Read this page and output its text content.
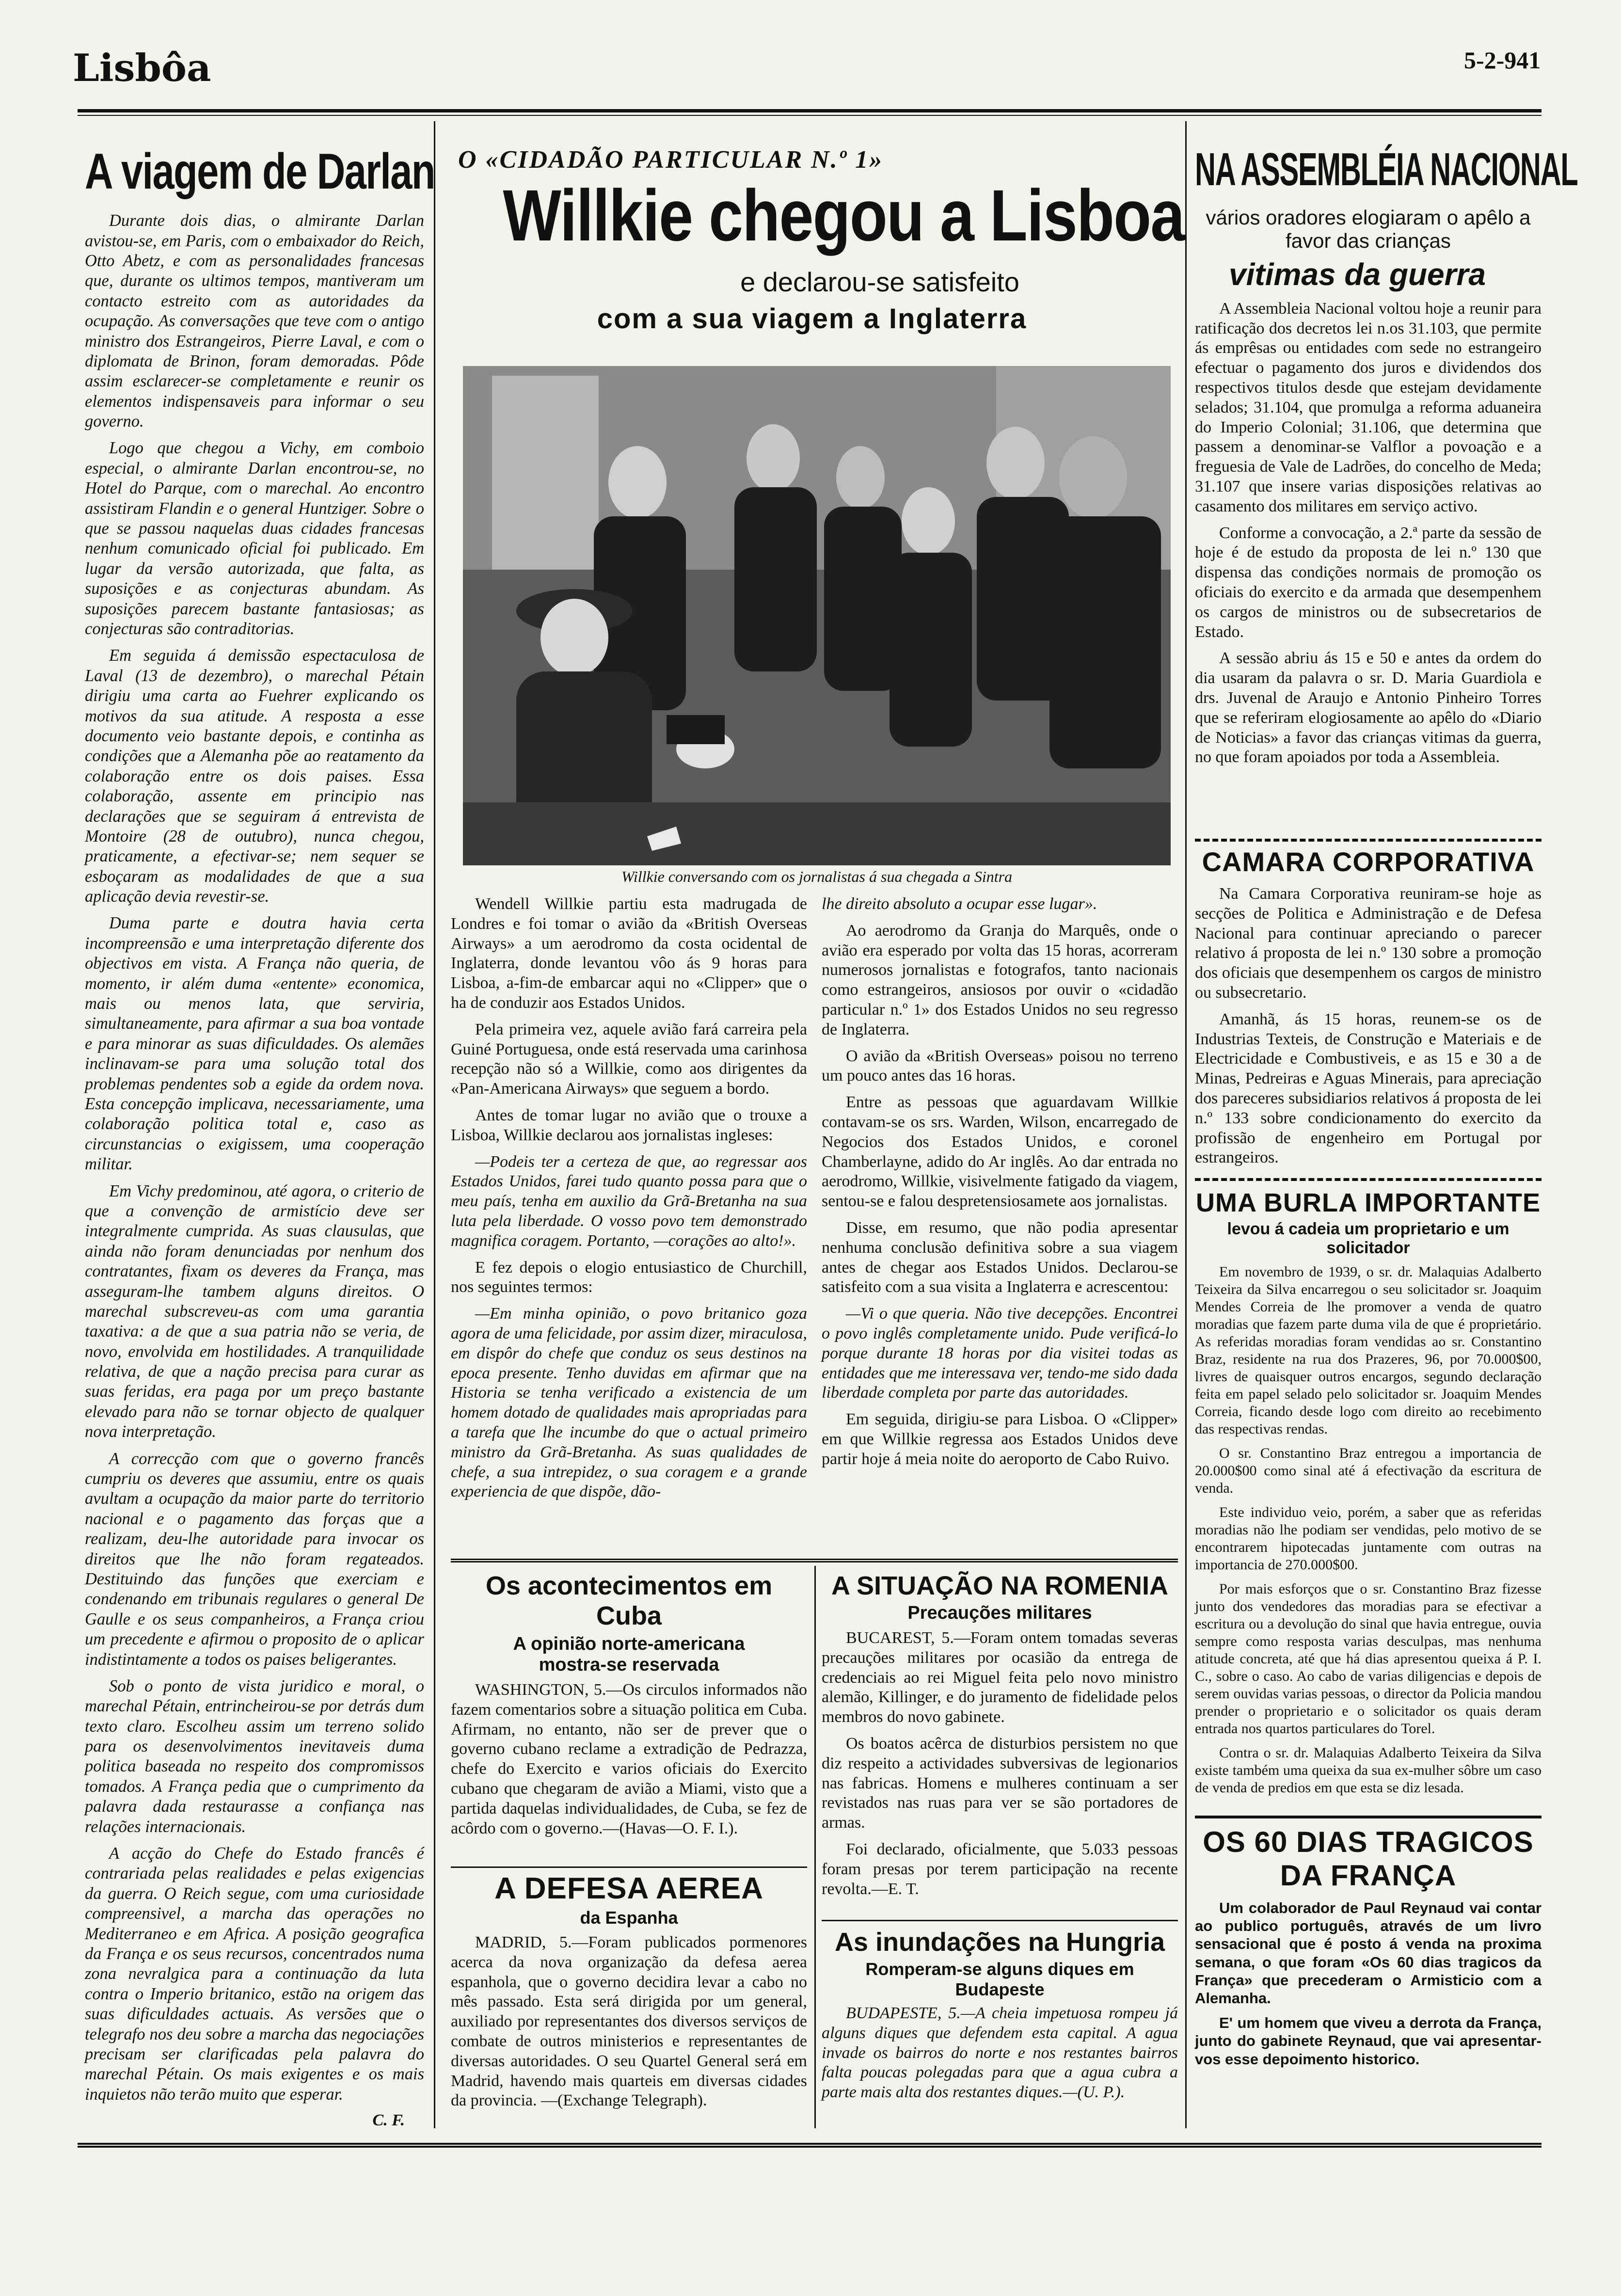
Lisbôa	5-2-941
A viagem de Darlan

Durante dois dias, o almirante Darlan avistou-se, em Paris, com o embaixador do Reich, Otto Abetz, e com as personalidades francesas que, durante os ultimos tempos, mantiveram um contacto estreito com as autoridades da ocupação. As conversações que teve com o antigo ministro dos Estrangeiros, Pierre Laval, e com o diplomata de Brinon, foram demoradas. Pôde assim esclarecer-se completamente e reunir os elementos indispensaveis para informar o seu governo.

Logo que chegou a Vichy, em comboio especial, o almirante Darlan encontrou-se, no Hotel do Parque, com o marechal. Ao encontro assistiram Flandin e o general Huntziger. Sobre o que se passou naquelas duas cidades francesas nenhum comunicado oficial foi publicado. Em lugar da versão autorizada, que falta, as suposições e as conjecturas abundam. As suposições parecem bastante fantasiosas; as conjecturas são contraditorias.

Em seguida á demissão espectaculosa de Laval (13 de dezembro), o marechal Pétain dirigiu uma carta ao Fuehrer explicando os motivos da sua atitude. A resposta a esse documento veio bastante depois, e continha as condições que a Alemanha põe ao reatamento da colaboração entre os dois paises. Essa colaboração, assente em principio nas declarações que se seguiram á entrevista de Montoire (28 de outubro), nunca chegou, praticamente, a efectivar-se; nem sequer se esboçaram as modalidades de que a sua aplicação devia revestir-se.

Duma parte e doutra havia certa incompreensão e uma interpretação diferente dos objectivos em vista. A França não queria, de momento, ir além duma «entente» economica, mais ou menos lata, que serviria, simultaneamente, para afirmar a sua boa vontade e para minorar as suas dificuldades. Os alemães inclinavam-se para uma solução total dos problemas pendentes sob a egide da ordem nova. Esta concepção implicava, necessariamente, uma colaboração politica total e, caso as circunstancias o exigissem, uma cooperação militar.

Em Vichy predominou, até agora, o criterio de que a convenção de armistício deve ser integralmente cumprida. As suas clausulas, que ainda não foram denunciadas por nenhum dos contratantes, fixam os deveres da França, mas asseguram-lhe tambem alguns direitos. O marechal subscreveu-as com uma garantia taxativa: a de que a sua patria não se veria, de novo, envolvida em hostilidades. A tranquilidade relativa, de que a nação precisa para curar as suas feridas, era paga por um preço bastante elevado para não se tornar objecto de qualquer nova interpretação.

A correcção com que o governo francês cumpriu os deveres que assumiu, entre os quais avultam a ocupação da maior parte do territorio nacional e o pagamento das forças que a realizam, deu-lhe autoridade para invocar os direitos que lhe não foram regateados. Destituindo das funções que exerciam e condenando em tribunais regulares o general De Gaulle e os seus companheiros, a França criou um precedente e afirmou o proposito de o aplicar indistintamente a todos os paises beligerantes.

Sob o ponto de vista juridico e moral, o marechal Pétain, entrincheirou-se por detrás dum texto claro. Escolheu assim um terreno solido para os desenvolvimentos inevitaveis duma politica baseada no respeito dos compromissos tomados. A França pedia que o cumprimento da palavra dada restaurasse a confiança nas relações internacionais.

A acção do Chefe do Estado francês é contrariada pelas realidades e pelas exigencias da guerra. O Reich segue, com uma curiosidade compreensivel, a marcha das operações no Mediterraneo e em Africa. A posição geografica da França e os seus recursos, concentrados numa zona nevralgica para a continuação da luta contra o Imperio britanico, estão na origem das suas dificuldades actuais. As versões que o telegrafo nos deu sobre a marcha das negociações precisam ser clarificadas pela palavra do marechal Pétain. Os mais exigentes e os mais inquietos não terão muito que esperar.

C. F.
O «CIDADÃO PARTICULAR N.º 1»
Willkie chegou a Lisboa
e declarou-se satisfeito
com a sua viagem a Inglaterra
Willkie conversando com os jornalistas á sua chegada a Sintra

Wendell Willkie partiu esta madrugada de Londres e foi tomar o avião da «British Overseas Airways» a um aerodromo da costa ocidental de Inglaterra, donde levantou vôo ás 9 horas para Lisboa, a-fim-de embarcar aqui no «Clipper» que o ha de conduzir aos Estados Unidos.

Pela primeira vez, aquele avião fará carreira pela Guiné Portuguesa, onde está reservada uma carinhosa recepção não só a Willkie, como aos dirigentes da «Pan-Americana Airways» que seguem a bordo.

Antes de tomar lugar no avião que o trouxe a Lisboa, Willkie declarou aos jornalistas ingleses:

—Podeis ter a certeza de que, ao regressar aos Estados Unidos, farei tudo quanto possa para que o meu país, tenha em auxilio da Grã-Bretanha na sua luta pela liberdade. O vosso povo tem demonstrado magnifica coragem. Portanto, —corações ao alto!».

E fez depois o elogio entusiastico de Churchill, nos seguintes termos:

—Em minha opinião, o povo britanico goza agora de uma felicidade, por assim dizer, miraculosa, em dispôr do chefe que conduz os seus destinos na epoca presente. Tenho duvidas em afirmar que na Historia se tenha verificado a existencia de um homem dotado de qualidades mais apropriadas para a tarefa que lhe incumbe do que o actual primeiro ministro da Grã-Bretanha. As suas qualidades de chefe, a sua intrepidez, o sua coragem e a grande experiencia de que dispõe, dão-

lhe direito absoluto a ocupar esse lugar».

Ao aerodromo da Granja do Marquês, onde o avião era esperado por volta das 15 horas, acorreram numerosos jornalistas e fotografos, tanto nacionais como estrangeiros, ansiosos por ouvir o «cidadão particular n.º 1» dos Estados Unidos no seu regresso de Inglaterra.

O avião da «British Overseas» poisou no terreno um pouco antes das 16 horas.

Entre as pessoas que aguardavam Willkie contavam-se os srs. Warden, Wilson, encarregado de Negocios dos Estados Unidos, e coronel Chamberlayne, adido do Ar inglês. Ao dar entrada no aerodromo, Willkie, visivelmente fatigado da viagem, sentou-se e falou despretensiosamete aos jornalistas.

Disse, em resumo, que não podia apresentar nenhuma conclusão definitiva sobre a sua viagem antes de chegar aos Estados Unidos. Declarou-se satisfeito com a sua visita a Inglaterra e acrescentou:

—Vi o que queria. Não tive decepções. Encontrei o povo inglês completamente unido. Pude verificá-lo porque durante 18 horas por dia visitei todas as entidades que me interessava ver, tendo-me sido dada liberdade completa por parte das autoridades.

Em seguida, dirigiu-se para Lisboa. O «Clipper» em que Willkie regressa aos Estados Unidos deve partir hoje á meia noite do aeroporto de Cabo Ruivo.

Os acontecimentos em Cuba
A opinião norte-americana mostra-se reservada

WASHINGTON, 5.—Os circulos informados não fazem comentarios sobre a situação politica em Cuba. Afirmam, no entanto, não ser de prever que o governo cubano reclame a extradição de Pedrazza, chefe do Exercito e varios oficiais do Exercito cubano que chegaram de avião a Miami, visto que a partida daquelas individualidades, de Cuba, se fez de acôrdo com o governo.—(Havas—O. F. I.).

A DEFESA AEREA
da Espanha

MADRID, 5.—Foram publicados pormenores acerca da nova organização da defesa aerea espanhola, que o governo decidira levar a cabo no mês passado. Esta será dirigida por um general, auxiliado por representantes dos diversos serviços de combate de outros ministerios e representantes de diversas autoridades. O seu Quartel General será em Madrid, havendo mais quarteis em diversas cidades da provincia. —(Exchange Telegraph).

A SITUAÇÃO NA ROMENIA
Precauções militares

BUCAREST, 5.—Foram ontem tomadas severas precauções militares por ocasião da entrega de credenciais ao rei Miguel feita pelo novo ministro alemão, Killinger, e do juramento de fidelidade pelos membros do novo gabinete.

Os boatos acêrca de disturbios persistem no que diz respeito a actividades subversivas de legionarios nas fabricas. Homens e mulheres continuam a ser revistados nas ruas para ver se são portadores de armas.

Foi declarado, oficialmente, que 5.033 pessoas foram presas por terem participação na recente revolta.—E. T.

As inundações na Hungria
Romperam-se alguns diques em Budapeste

BUDAPESTE, 5.—A cheia impetuosa rompeu já alguns diques que defendem esta capital. A agua invade os bairros do norte e nos restantes bairros falta poucas polegadas para que a agua cubra a parte mais alta dos restantes diques.—(U. P.).

NA ASSEMBLÉIA NACIONAL
vários oradores elogiaram o apêlo a favor das crianças
vitimas da guerra

A Assembleia Nacional voltou hoje a reunir para ratificação dos decretos lei n.os 31.103, que permite ás emprêsas ou entidades com sede no estrangeiro efectuar o pagamento dos juros e dividendos dos respectivos titulos desde que estejam devidamente selados; 31.104, que promulga a reforma aduaneira do Imperio Colonial; 31.106, que determina que passem a denominar-se Valflor a povoação e a freguesia de Vale de Ladrões, do concelho de Meda; 31.107 que insere varias disposições relativas ao casamento dos militares em serviço activo.

Conforme a convocação, a 2.ª parte da sessão de hoje é de estudo da proposta de lei n.º 130 que dispensa das condições normais de promoção os oficiais do exercito e da armada que desempenhem os cargos de ministros ou de subsecretarios de Estado.

A sessão abriu ás 15 e 50 e antes da ordem do dia usaram da palavra o sr. D. Maria Guardiola e drs. Juvenal de Araujo e Antonio Pinheiro Torres que se referiram elogiosamente ao apêlo do «Diario de Noticias» a favor das crianças vitimas da guerra, no que foram apoiados por toda a Assembleia.

CAMARA CORPORATIVA

Na Camara Corporativa reuniram-se hoje as secções de Politica e Administração e de Defesa Nacional para continuar apreciando o parecer relativo á proposta de lei n.º 130 sobre a promoção dos oficiais que desempenhem os cargos de ministro ou subsecretario.

Amanhã, ás 15 horas, reunem-se os de Industrias Texteis, de Construção e Materiais e de Electricidade e Combustiveis, e as 15 e 30 a de Minas, Pedreiras e Aguas Minerais, para apreciação dos pareceres subsidiarios relativos á proposta de lei n.º 133 sobre condicionamento do exercito da profissão de engenheiro em Portugal por estrangeiros.

UMA BURLA IMPORTANTE
levou á cadeia um proprietario e um solicitador

Em novembro de 1939, o sr. dr. Malaquias Adalberto Teixeira da Silva encarregou o seu solicitador sr. Joaquim Mendes Correia de lhe promover a venda de quatro moradias que fazem parte duma vila de que é proprietário. As referidas moradias foram vendidas ao sr. Constantino Braz, residente na rua dos Prazeres, 96, por 70.000$00, livres de quaisquer outros encargos, segundo declaração feita em papel selado pelo solicitador sr. Joaquim Mendes Correia, ficando desde logo com direito ao recebimento das respectivas rendas.

O sr. Constantino Braz entregou a importancia de 20.000$00 como sinal até á efectivação da escritura de venda.

Este individuo veio, porém, a saber que as referidas moradias não lhe podiam ser vendidas, pelo motivo de se encontrarem hipotecadas juntamente com outras na importancia de 270.000$00.

Por mais esforços que o sr. Constantino Braz fizesse junto dos vendedores das moradias para se efectivar a escritura ou a devolução do sinal que havia entregue, ouvia sempre como resposta varias desculpas, mas nenhuma atitude concreta, até que há dias apresentou queixa á P. I. C., sobre o caso. Ao cabo de varias diligencias e depois de serem ouvidas varias pessoas, o director da Policia mandou prender o proprietario e o solicitador os quais deram entrada nos quartos particulares do Torel.

Contra o sr. dr. Malaquias Adalberto Teixeira da Silva existe também uma queixa da sua ex-mulher sôbre um caso de venda de predios em que esta se diz lesada.

OS 60 DIAS TRAGICOS
DA FRANÇA

Um colaborador de Paul Reynaud vai contar ao publico português, através de um livro sensacional que é posto á venda na proxima semana, o que foram «Os 60 dias tragicos da França» que precederam o Armisticio com a Alemanha.

E' um homem que viveu a derrota da França, junto do gabinete Reynaud, que vai apresentar-vos esse depoimento historico.
